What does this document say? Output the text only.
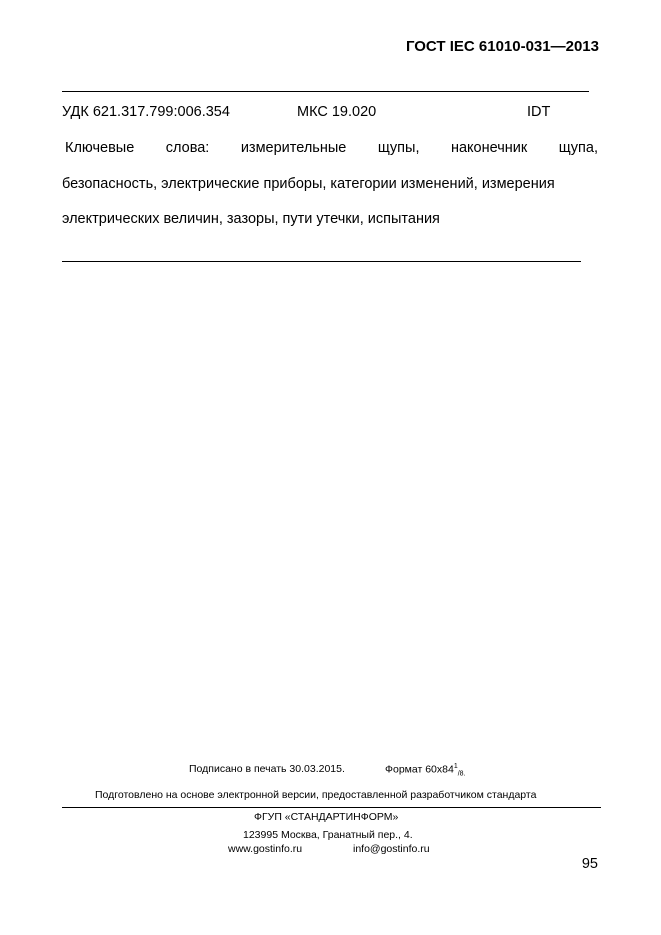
ГОСТ IEC 61010-031—2013
УДК 621.317.799:006.354	МКС 19.020	IDT
Ключевые слова: измерительные щупы, наконечник щупа,
безопасность, электрические приборы, категории изменений, измерения
электрических величин, зазоры, пути утечки, испытания
Подписано в печать 30.03.2015.	Формат $60x84^1_{/8.}$
Подготовлено на основе электронной версии, предоставленной разработчиком стандарта
ФГУП «СТАНДАРТИНФОРМ»
123995 Москва, Гранатный пер., 4.
www.gostinfo.ru	info@gostinfo.ru
95
